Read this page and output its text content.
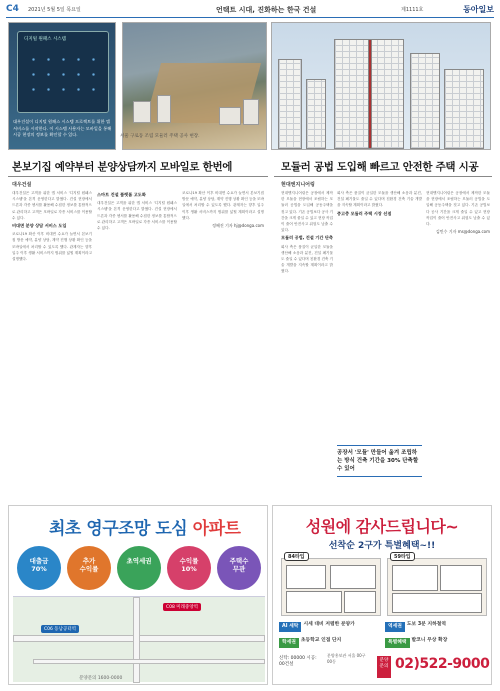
C4 2021년 5월 5일 목요일	언택트 시대, 진화하는 한국 건설	제1111호	동아일보
디지털 원패스 시스템

대우건설이 디지털 원패스 시스템 프로젝트를 위한 앱 서비스를 시작한다. 이 시스템 사용자는 모바일을 통해 시공 현장의 정보를 확인할 수 있다.	서울 구로동 조립 모듈러 주택 공사 현장.

본보기집 예약부터 분양상담까지 모바일로 한번에	모듈러 공법 도입해 빠르고 안전한 주택 시공
대우건설	현대엔지니어링

대우건설은 고객을 위한 앱 서비스 '디지털 원패스 시스템'을 본격 운영한다고 밝혔다. 건설 현장에서 드론과 각종 센서를 활용해 수집한 정보를 통합적으로 관리하고 고객은 모바일로 각종 서비스를 이용할 수 있다.

비대면 분양 상담 서비스 도입

코로나19 확산 이후 비대면 수요가 늘면서 본보기집 방문 예약, 분양 상담, 계약 진행 상황 확인 등을 모바일에서 처리할 수 있도록 했다. 관계자는 향후 입주 이후 생활 서비스까지 범위를 넓힐 계획이라고 설명했다.

스마트 건설 플랫폼 고도화

대우건설은 고객을 위한 앱 서비스 '디지털 원패스 시스템'을 본격 운영한다고 밝혔다. 건설 현장에서 드론과 각종 센서를 활용해 수집한 정보를 통합적으로 관리하고 고객은 모바일로 각종 서비스를 이용할 수 있다.

코로나19 확산 이후 비대면 수요가 늘면서 본보기집 방문 예약, 분양 상담, 계약 진행 상황 확인 등을 모바일에서 처리할 수 있도록 했다. 관계자는 향후 입주 이후 생활 서비스까지 범위를 넓힐 계획이라고 설명했다.

정혜진 기자 hj@donga.com

현대엔지니어링은 공장에서 제작한 모듈을 현장에서 조립하는 모듈러 공법을 도입해 공동주택을 짓고 있다. 기존 공법보다 공사 기간을 크게 줄일 수 있고 현장 작업이 줄어 안전사고 위험도 낮출 수 있다.

모듈러 공법, 건설 기간 단축

회사 측은 품질이 균일한 모듈을 생산해 소음과 분진, 건설 폐기물도 줄일 수 있다며 친환경 건축 기술 개발을 지속할 계획이라고 밝혔다.

회사 측은 품질이 균일한 모듈을 생산해 소음과 분진, 건설 폐기물도 줄일 수 있다며 친환경 건축 기술 개발을 지속할 계획이라고 밝혔다.

중고층 모듈러 주택 시장 선점

공장서 '모듈' 만들어 옮겨 조립하는 방식 건축 기간을 30% 단축할 수 있어

현대엔지니어링은 공장에서 제작한 모듈을 현장에서 조립하는 모듈러 공법을 도입해 공동주택을 짓고 있다. 기존 공법보다 공사 기간을 크게 줄일 수 있고 현장 작업이 줄어 안전사고 위험도 낮출 수 있다.

김민수 기자 ms@donga.com
최초 영구조망 도심 아파트
대출금
70%
추가
수익률
초역세권	수익률
10%
주택수
무관
C06 동남공터역
C08 미래중앙역
분양문의 1600-0000
성원에 감사드립니다~
선착순 2구가 특별혜택~!!
84타입	59타입
AI 세탁 시세 대비 저렴한 분양가	역세권 도보 3분 지하철역
학세권 초등학교 인접 단지	특별혜택 발코니 무상 확장
신탁: 00000 시공: 00건설
분양홍보관 서울 00구 00동	분양 문의 02)522-9000
